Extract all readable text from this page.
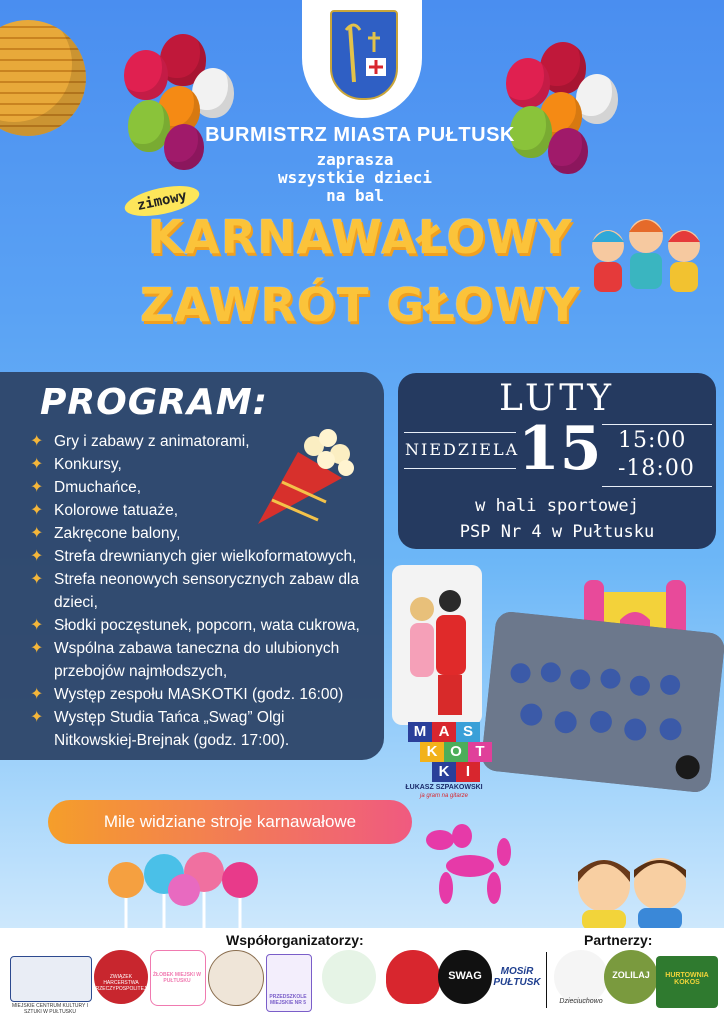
BURMISTRZ MIASTA PUŁTUSK
zaprasza
wszystkie dzieci
na bal
zimowy
KARNAWAŁOWY
ZAWRÓT GŁOWY
PROGRAM:
✦ Gry i zabawy z animatorami,
✦ Konkursy,
✦ Dmuchańce,
✦ Kolorowe tatuaże,
✦ Zakręcone balony,
✦ Strefa drewnianych gier wielkoformatowych,
✦ Strefa neonowych sensorycznych zabaw dla dzieci,
✦ Słodki poczęstunek, popcorn, wata cukrowa,
✦ Wspólna zabawa taneczna do ulubionych przebojów najmłodszych,
✦ Występ zespołu MASKOTKI (godz. 16:00)
✦ Występ Studia Tańca „Swag” Olgi Nitkowskiej-Brejnak (godz. 17:00).
LUTY
NIEDZIELA
15 15:00
-18:00
w hali sportowej
PSP Nr 4 w Pułtusku
M A S
K O T
K	I
ŁUKASZ SZPAKOWSKI
ja gram na gitarze
Mile widziane stroje karnawałowe
Współorganizatorzy:	Partnerzy:
MIEJSKIE CENTRUM KULTURY I SZTUKI W PUŁTUSKU
ZWIĄZEK HARCERSTWA RZECZYPOSPOLITEJ
ŻŁOBEK MIEJSKI W PUŁTUSKU
PRZEDSZKOLE MIEJSKIE NR 5
SWAG	MOSiR PUŁTUSK
Dzieciuchowo
ZOLILAJ	HURTOWNIA KOKOS
